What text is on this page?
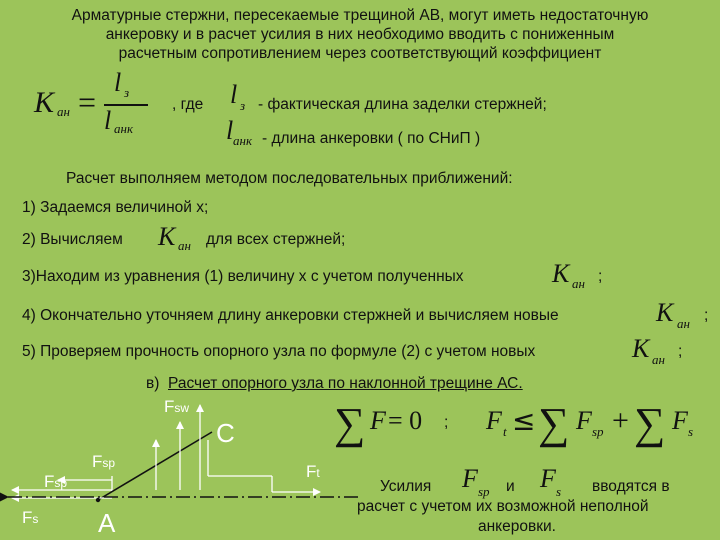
Арматурные стержни, пересекаемые трещиной АВ, могут иметь недостаточную
анкеровку и в расчет усилия в них необходимо вводить с пониженным
расчетным сопротивлением через соответствующий коэффициент
K ан =
l з
l анк
, где l з - фактическая длина заделки стержней;
l анк - длина анкеровки ( по СНиП )
Расчет выполняем методом последовательных приближений:
1) Задаемся величиной х;
2) Вычисляем K ан для всех стержней;
3)Находим из уравнения (1) величину х с учетом полученных	K ан ;
4) Окончательно уточняем длину анкеровки стержней и вычисляем новые	K ан ;
5) Проверяем прочность опорного узла по формуле (2) с учетом новых	K ан ;
в) Расчет опорного узла по наклонной трещине АС.
∑ F = 0 ; F t ≤ ∑ F sp + ∑ F s
Усилия F sp и F s вводятся в
расчет с учетом их возможной неполной
анкеровки.
Fsw
C
Fsp	Ft
Fsp
Fs A
